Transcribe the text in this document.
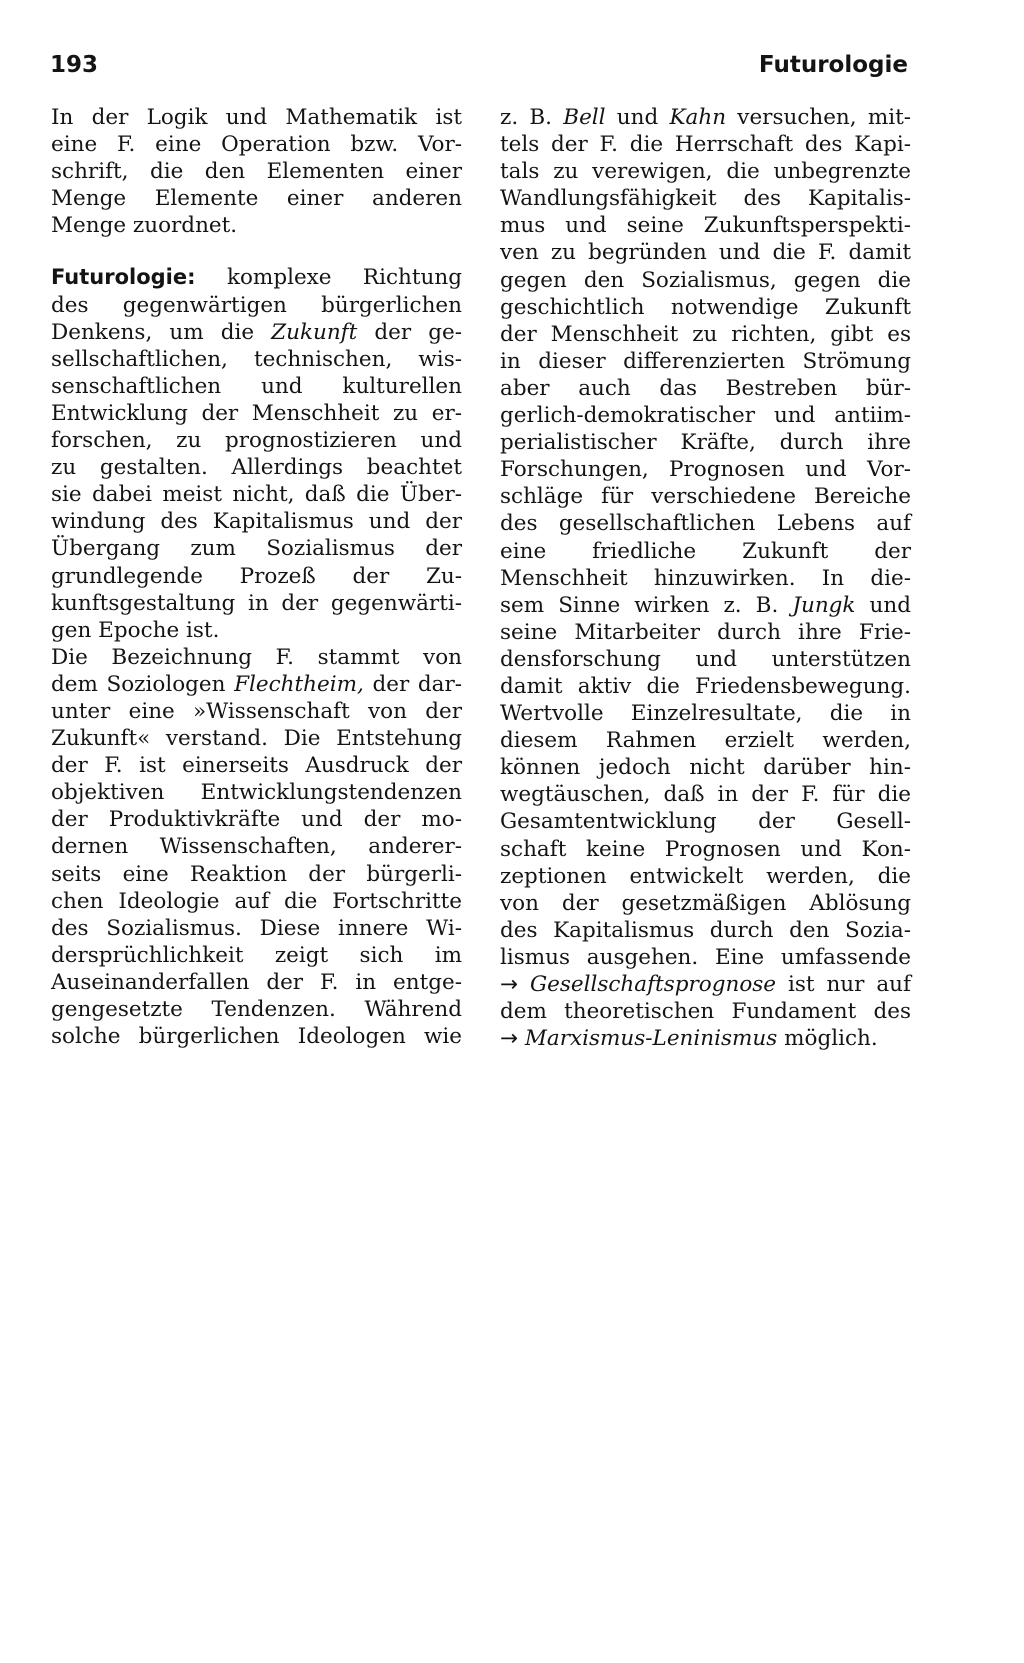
193	Futurologie
In der Logik und Mathematik ist
eine F. eine Operation bzw. Vor-
schrift, die den Elementen einer
Menge Elemente einer anderen
Menge zuordnet.
Futurologie: komplexe Richtung
des gegenwärtigen bürgerlichen
Denkens, um die Zukunft der ge-
sellschaftlichen, technischen, wis-
senschaftlichen und kulturellen
Entwicklung der Menschheit zu er-
forschen, zu prognostizieren und
zu gestalten. Allerdings beachtet
sie dabei meist nicht, daß die Über-
windung des Kapitalismus und der
Übergang zum Sozialismus der
grundlegende Prozeß der Zu-
kunftsgestaltung in der gegenwärti-
gen Epoche ist.
Die Bezeichnung F. stammt von
dem Soziologen Flechtheim, der dar-
unter eine »Wissenschaft von der
Zukunft« verstand. Die Entstehung
der F. ist einerseits Ausdruck der
objektiven Entwicklungstendenzen
der Produktivkräfte und der mo-
dernen Wissenschaften, anderer-
seits eine Reaktion der bürgerli-
chen Ideologie auf die Fortschritte
des Sozialismus. Diese innere Wi-
dersprüchlichkeit zeigt sich im
Auseinanderfallen der F. in entge-
gengesetzte Tendenzen. Während
solche bürgerlichen Ideologen wie
z. B. Bell und Kahn versuchen, mit-
tels der F. die Herrschaft des Kapi-
tals zu verewigen, die unbegrenzte
Wandlungsfähigkeit des Kapitalis-
mus und seine Zukunftsperspekti-
ven zu begründen und die F. damit
gegen den Sozialismus, gegen die
geschichtlich notwendige Zukunft
der Menschheit zu richten, gibt es
in dieser differenzierten Strömung
aber auch das Bestreben bür-
gerlich-demokratischer und antiim-
perialistischer Kräfte, durch ihre
Forschungen, Prognosen und Vor-
schläge für verschiedene Bereiche
des gesellschaftlichen Lebens auf
eine friedliche Zukunft der
Menschheit hinzuwirken. In die-
sem Sinne wirken z. B. Jungk und
seine Mitarbeiter durch ihre Frie-
densforschung und unterstützen
damit aktiv die Friedensbewegung.
Wertvolle Einzelresultate, die in
diesem Rahmen erzielt werden,
können jedoch nicht darüber hin-
wegtäuschen, daß in der F. für die
Gesamtentwicklung der Gesell-
schaft keine Prognosen und Kon-
zeptionen entwickelt werden, die
von der gesetzmäßigen Ablösung
des Kapitalismus durch den Sozia-
lismus ausgehen. Eine umfassende
→ Gesellschaftsprognose ist nur auf
dem theoretischen Fundament des
→ Marxismus-Leninismus möglich.
